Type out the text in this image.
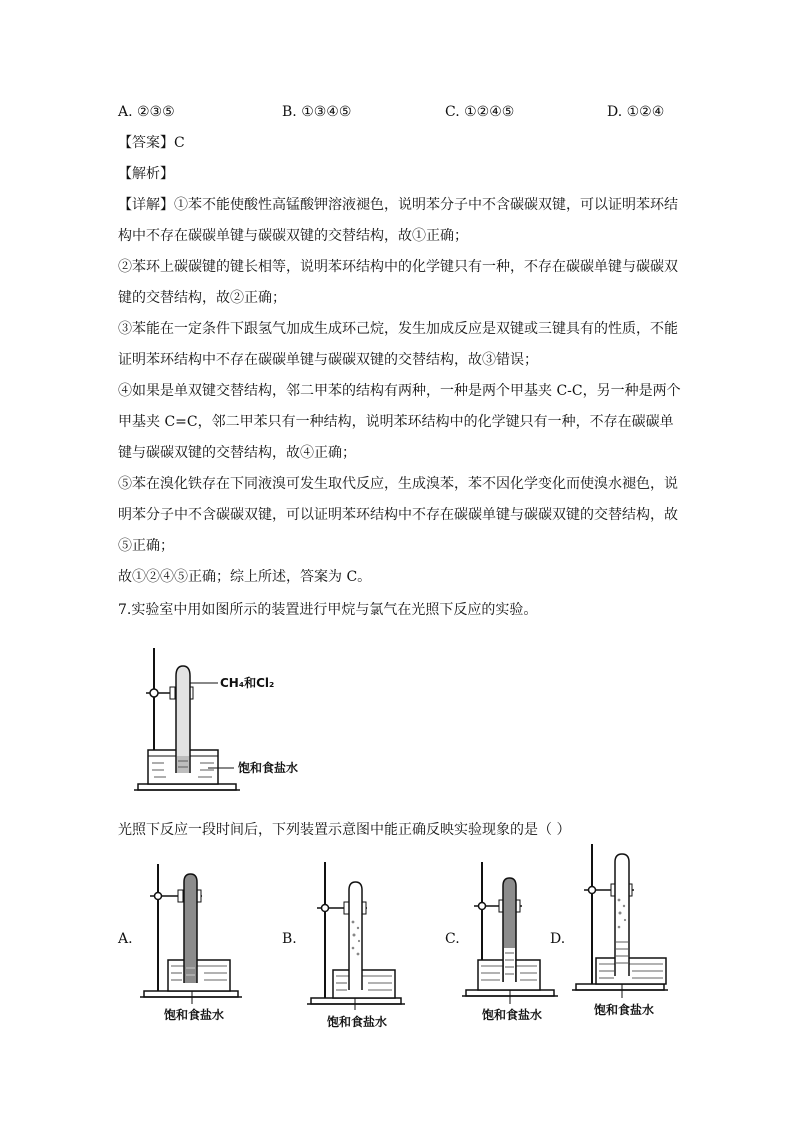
A. ②③⑤	B. ①③④⑤	C. ①②④⑤	D. ①②④
【答案】C
【解析】
【详解】①苯不能使酸性高锰酸钾溶液褪色，说明苯分子中不含碳碳双键，可以证明苯环结
构中不存在碳碳单键与碳碳双键的交替结构，故①正确；
②苯环上碳碳键的键长相等，说明苯环结构中的化学键只有一种，不存在碳碳单键与碳碳双
键的交替结构，故②正确；
③苯能在一定条件下跟氢气加成生成环己烷，发生加成反应是双键或三键具有的性质，不能
证明苯环结构中不存在碳碳单键与碳碳双键的交替结构，故③错误；
④如果是单双键交替结构，邻二甲苯的结构有两种，一种是两个甲基夹 C-C，另一种是两个
甲基夹 C=C，邻二甲苯只有一种结构，说明苯环结构中的化学键只有一种，不存在碳碳单
键与碳碳双键的交替结构，故④正确；
⑤苯在溴化铁存在下同液溴可发生取代反应，生成溴苯，苯不因化学变化而使溴水褪色，说
明苯分子中不含碳碳双键，可以证明苯环结构中不存在碳碳单键与碳碳双键的交替结构，故
⑤正确；
故①②④⑤正确；综上所述，答案为 C。
7.实验室中用如图所示的装置进行甲烷与氯气在光照下反应的实验。
CH₄和Cl₂
饱和食盐水
光照下反应一段时间后，下列装置示意图中能正确反映实验现象的是（ ）
A.	B.	C.	D.
饱和食盐水	饱和食盐水	饱和食盐水	饱和食盐水
